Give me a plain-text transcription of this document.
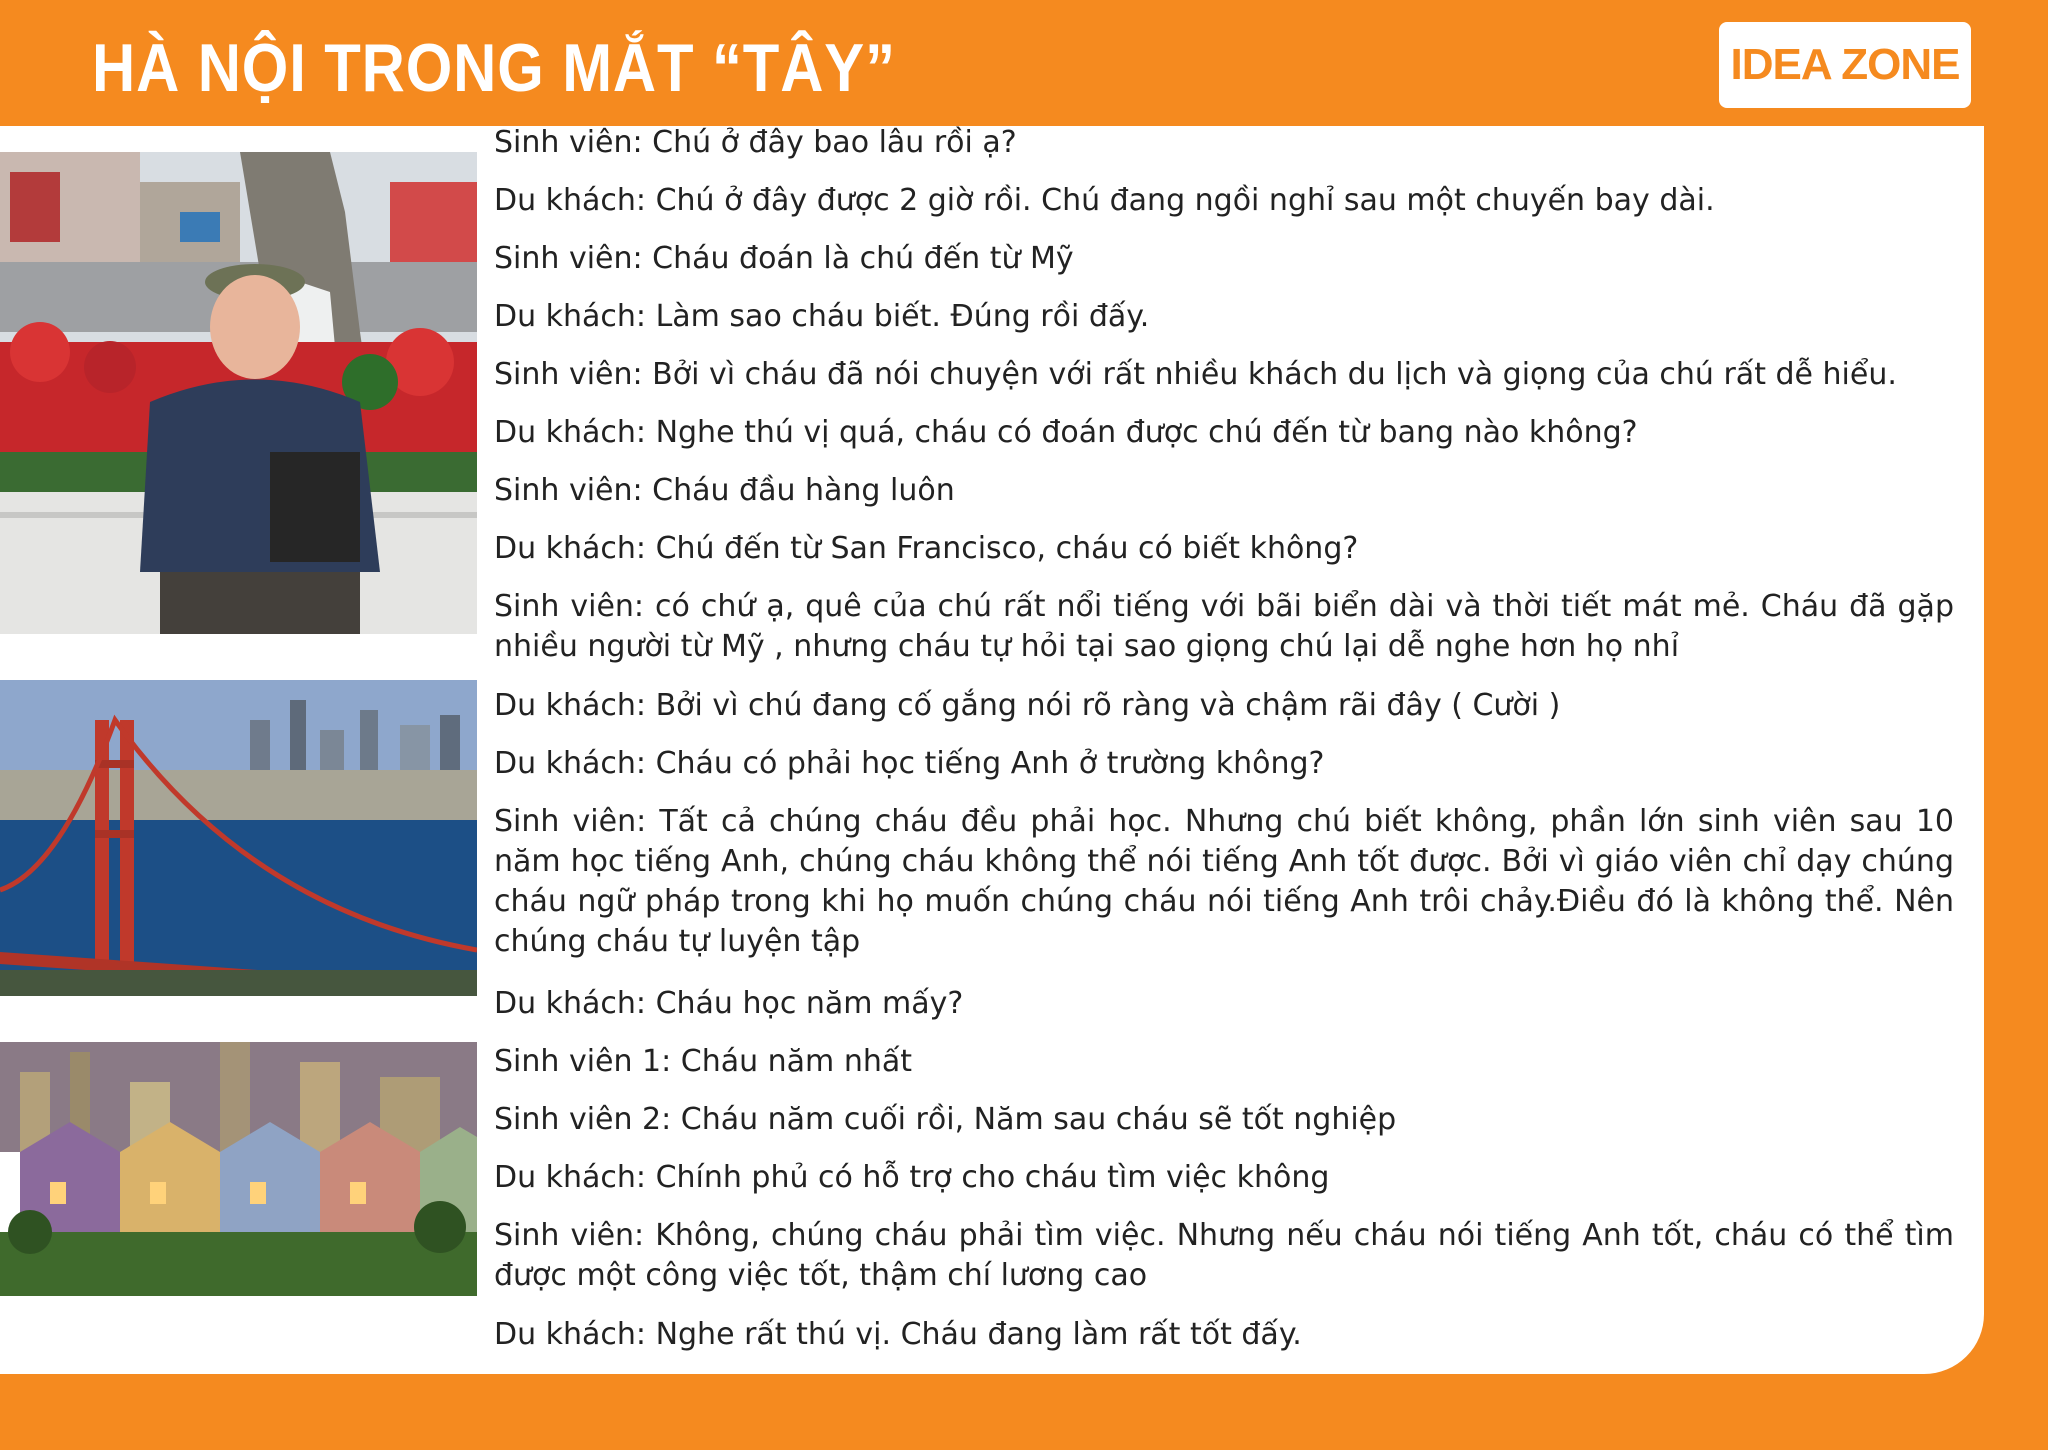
HÀ NỘI TRONG MẮT “TÂY”	IDEA ZONE
Sinh viên: Chú ở đây bao lâu rồi ạ?
Du khách: Chú ở đây được 2 giờ rồi. Chú đang ngồi nghỉ sau một chuyến bay dài.
Sinh viên: Cháu đoán là chú đến từ Mỹ
Du khách: Làm sao cháu biết. Đúng rồi đấy.
Sinh viên: Bởi vì cháu đã nói chuyện với rất nhiều khách du lịch và giọng của chú rất dễ hiểu.
Du khách: Nghe thú vị quá, cháu có đoán được chú đến từ bang nào không?
Sinh viên: Cháu đầu hàng luôn
Du khách: Chú đến từ San Francisco, cháu có biết không?
Sinh viên: có chứ ạ, quê của chú rất nổi tiếng với bãi biển dài và thời tiết mát mẻ. Cháu đã gặp nhiều người từ Mỹ , nhưng cháu tự hỏi tại sao giọng chú lại dễ nghe hơn họ nhỉ
Du khách: Bởi vì chú đang cố gắng nói rõ ràng và chậm rãi đây ( Cười )
Du khách: Cháu có phải học tiếng Anh ở trường không?
Sinh viên: Tất cả chúng cháu đều phải học. Nhưng chú biết không, phần lớn sinh viên sau 10 năm học tiếng Anh, chúng cháu không thể nói tiếng Anh tốt được. Bởi vì giáo viên chỉ dạy chúng cháu ngữ pháp trong khi họ muốn chúng cháu nói tiếng Anh trôi chảy.Điều đó là không thể. Nên chúng cháu tự luyện tập
Du khách: Cháu học năm mấy?
Sinh viên 1: Cháu năm nhất
Sinh viên 2: Cháu năm cuối rồi, Năm sau cháu sẽ tốt nghiệp
Du khách: Chính phủ có hỗ trợ cho cháu tìm việc không
Sinh viên: Không, chúng cháu phải tìm việc. Nhưng nếu cháu nói tiếng Anh tốt, cháu có thể tìm được một công việc tốt, thậm chí lương cao
Du khách: Nghe rất thú vị. Cháu đang làm rất tốt đấy.
